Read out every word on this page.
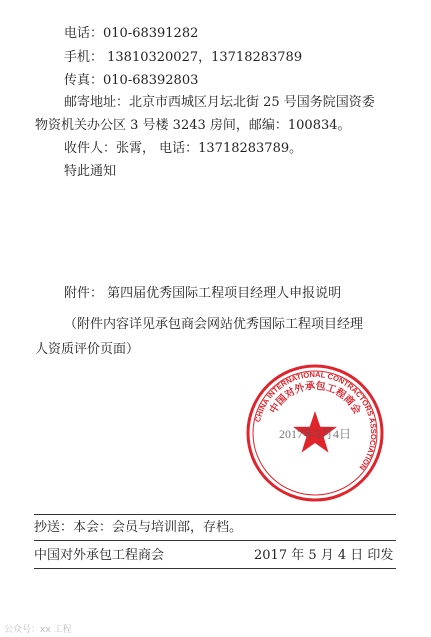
电话：010-68391282
手机： 13810320027，13718283789
传真：010-68392803
邮寄地址：北京市西城区月坛北街 25 号国务院国资委
物资机关办公区 3 号楼 3243 房间，邮编：100834。
收件人：张霄， 电话：13718283789。
特此通知
附件： 第四届优秀国际工程项目经理人申报说明
（附件内容详见承包商会网站优秀国际工程项目经理
人资质评价页面）
CHINA INTERNATIONAL CONTRACTORS ASSOCIATION
中国对外承包工程商会
2017年5月4日
抄送：本会：会员与培训部，存档。
中国对外承包工程商会	2017 年 5 月 4 日 印发
公众号：xx 工程
